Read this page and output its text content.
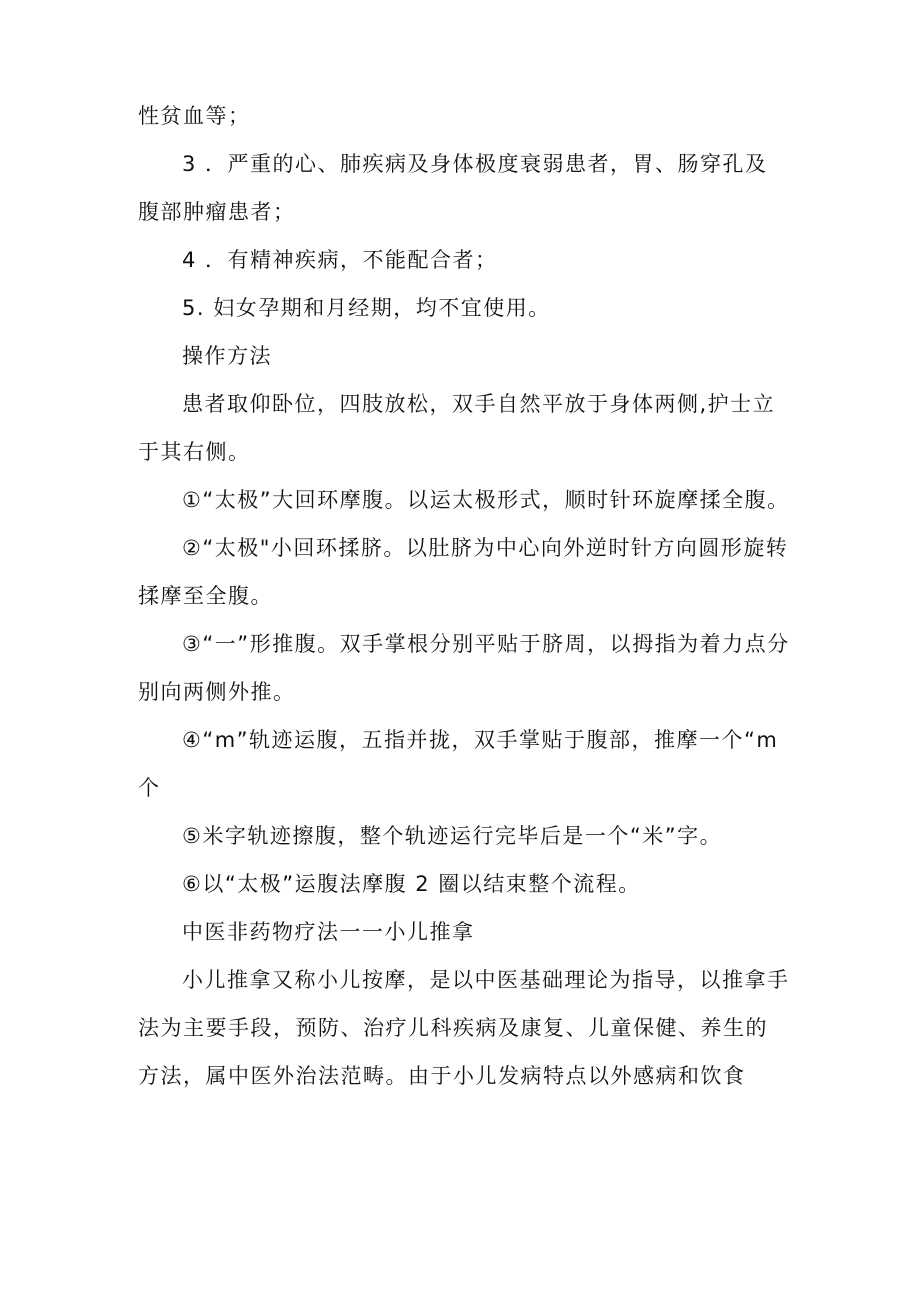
性贫血等；

3 ．严重的心、肺疾病及身体极度衰弱患者，胃、肠穿孔及腹部肿瘤患者；

4 ．有精神疾病，不能配合者；

5. 妇女孕期和月经期，均不宜使用。

操作方法

患者取仰卧位，四肢放松，双手自然平放于身体两侧,护士立于其右侧。

①“太极”大回环摩腹。以运太极形式，顺时针环旋摩揉全腹。

②“太极"小回环揉脐。以肚脐为中心向外逆时针方向圆形旋转揉摩至全腹。

③“一”形推腹。双手掌根分别平贴于脐周，以拇指为着力点分别向两侧外推。

④“m”轨迹运腹，五指并拢，双手掌贴于腹部，推摩一个“m个

⑤米字轨迹擦腹，整个轨迹运行完毕后是一个“米”字。

⑥以“太极”运腹法摩腹 2 圈以结束整个流程。

中医非药物疗法一一小儿推拿

小儿推拿又称小儿按摩，是以中医基础理论为指导，以推拿手法为主要手段，预防、治疗儿科疾病及康复、儿童保健、养生的方法，属中医外治法范畴。由于小儿发病特点以外感病和饮食
